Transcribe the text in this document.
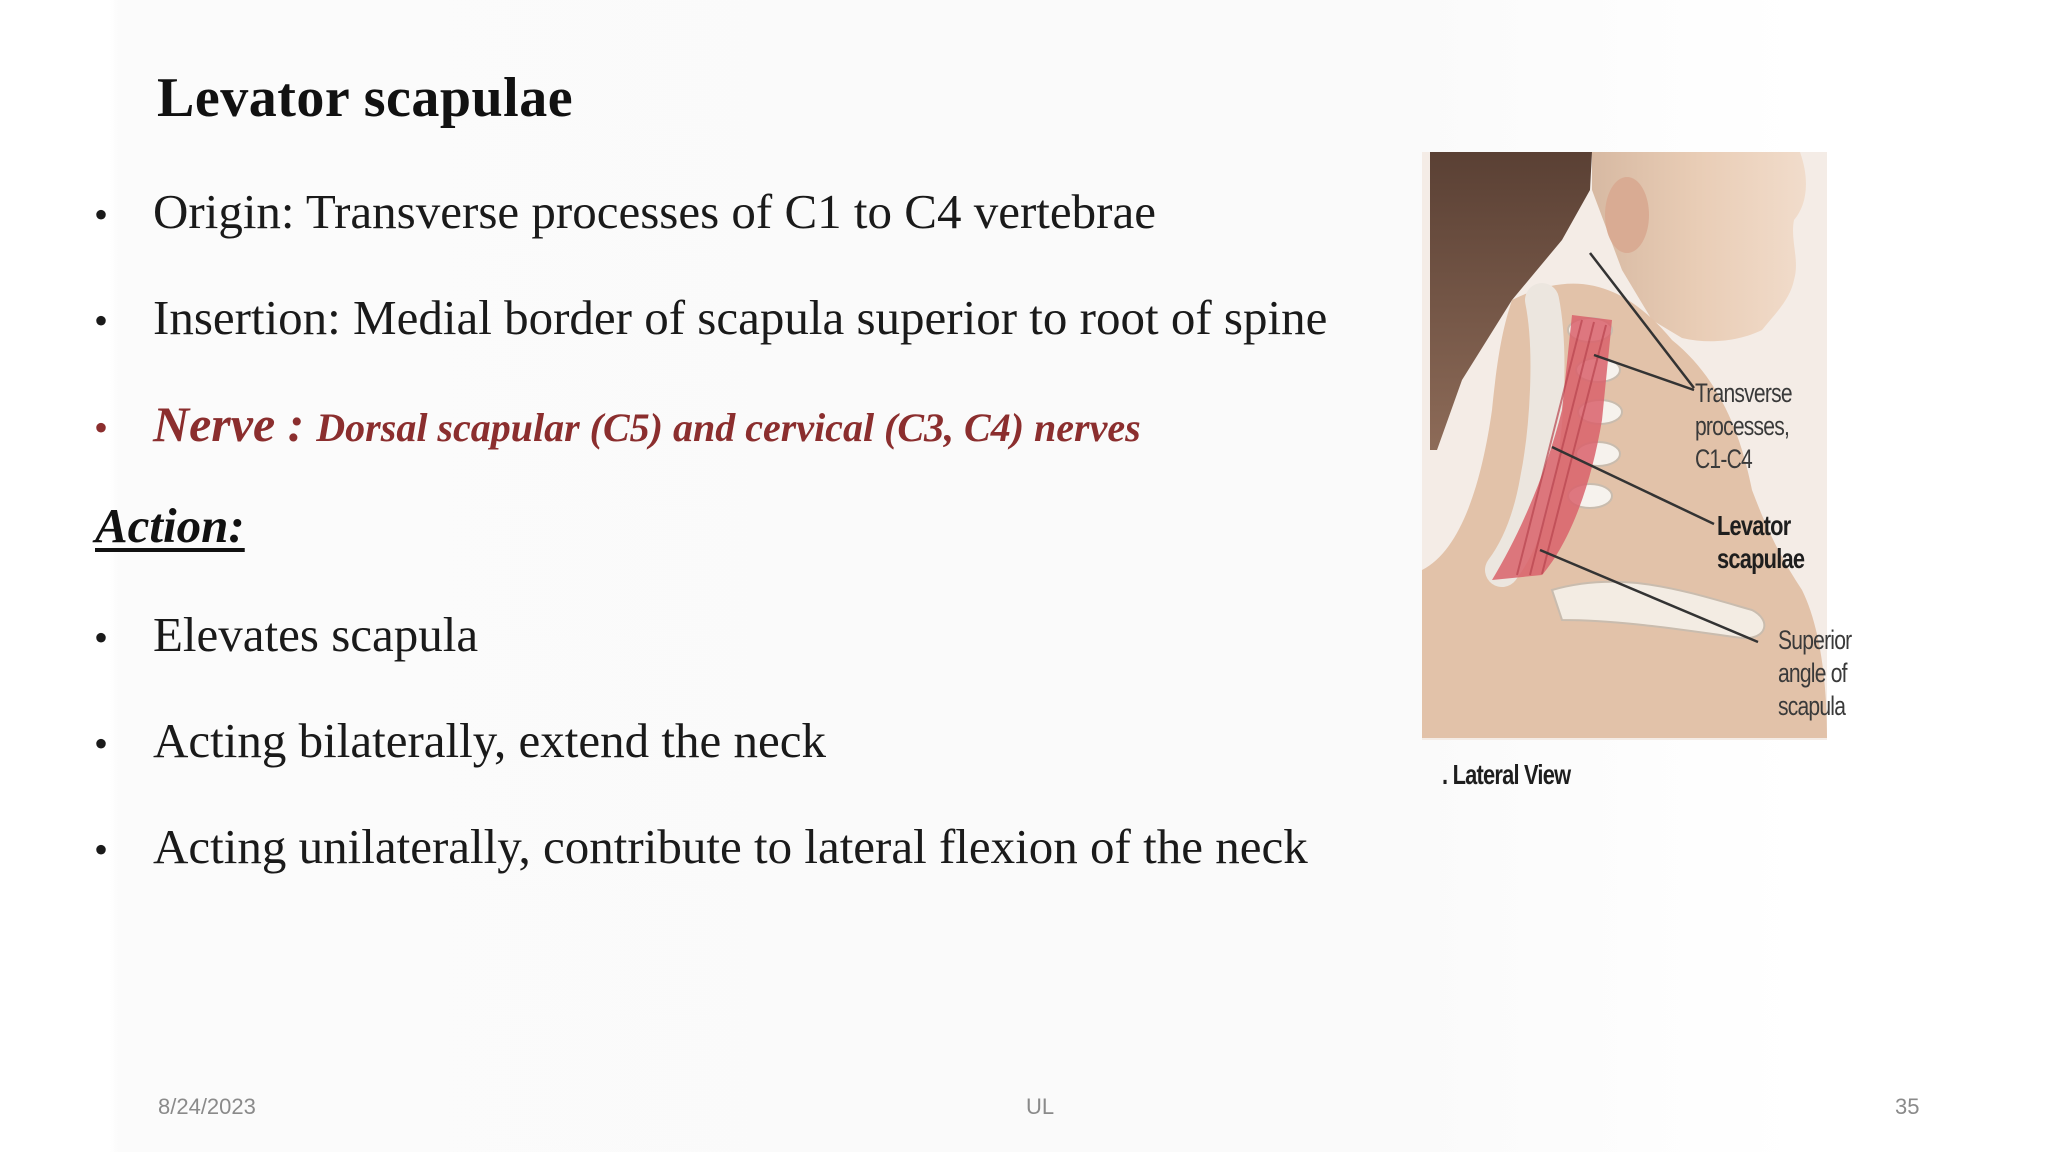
Levator scapulae
• Origin: Transverse processes of C1 to C4 vertebrae
• Insertion: Medial border of scapula superior to root of spine
• Nerve : Dorsal scapular (C5) and cervical (C3, C4) nerves
Action:
• Elevates scapula
• Acting bilaterally, extend the neck
• Acting unilaterally, contribute to lateral flexion of the neck
Transverse
processes,
C1-C4
Levator
scapulae
Superior
angle of
scapula
. Lateral View
8/24/2023	UL	35
